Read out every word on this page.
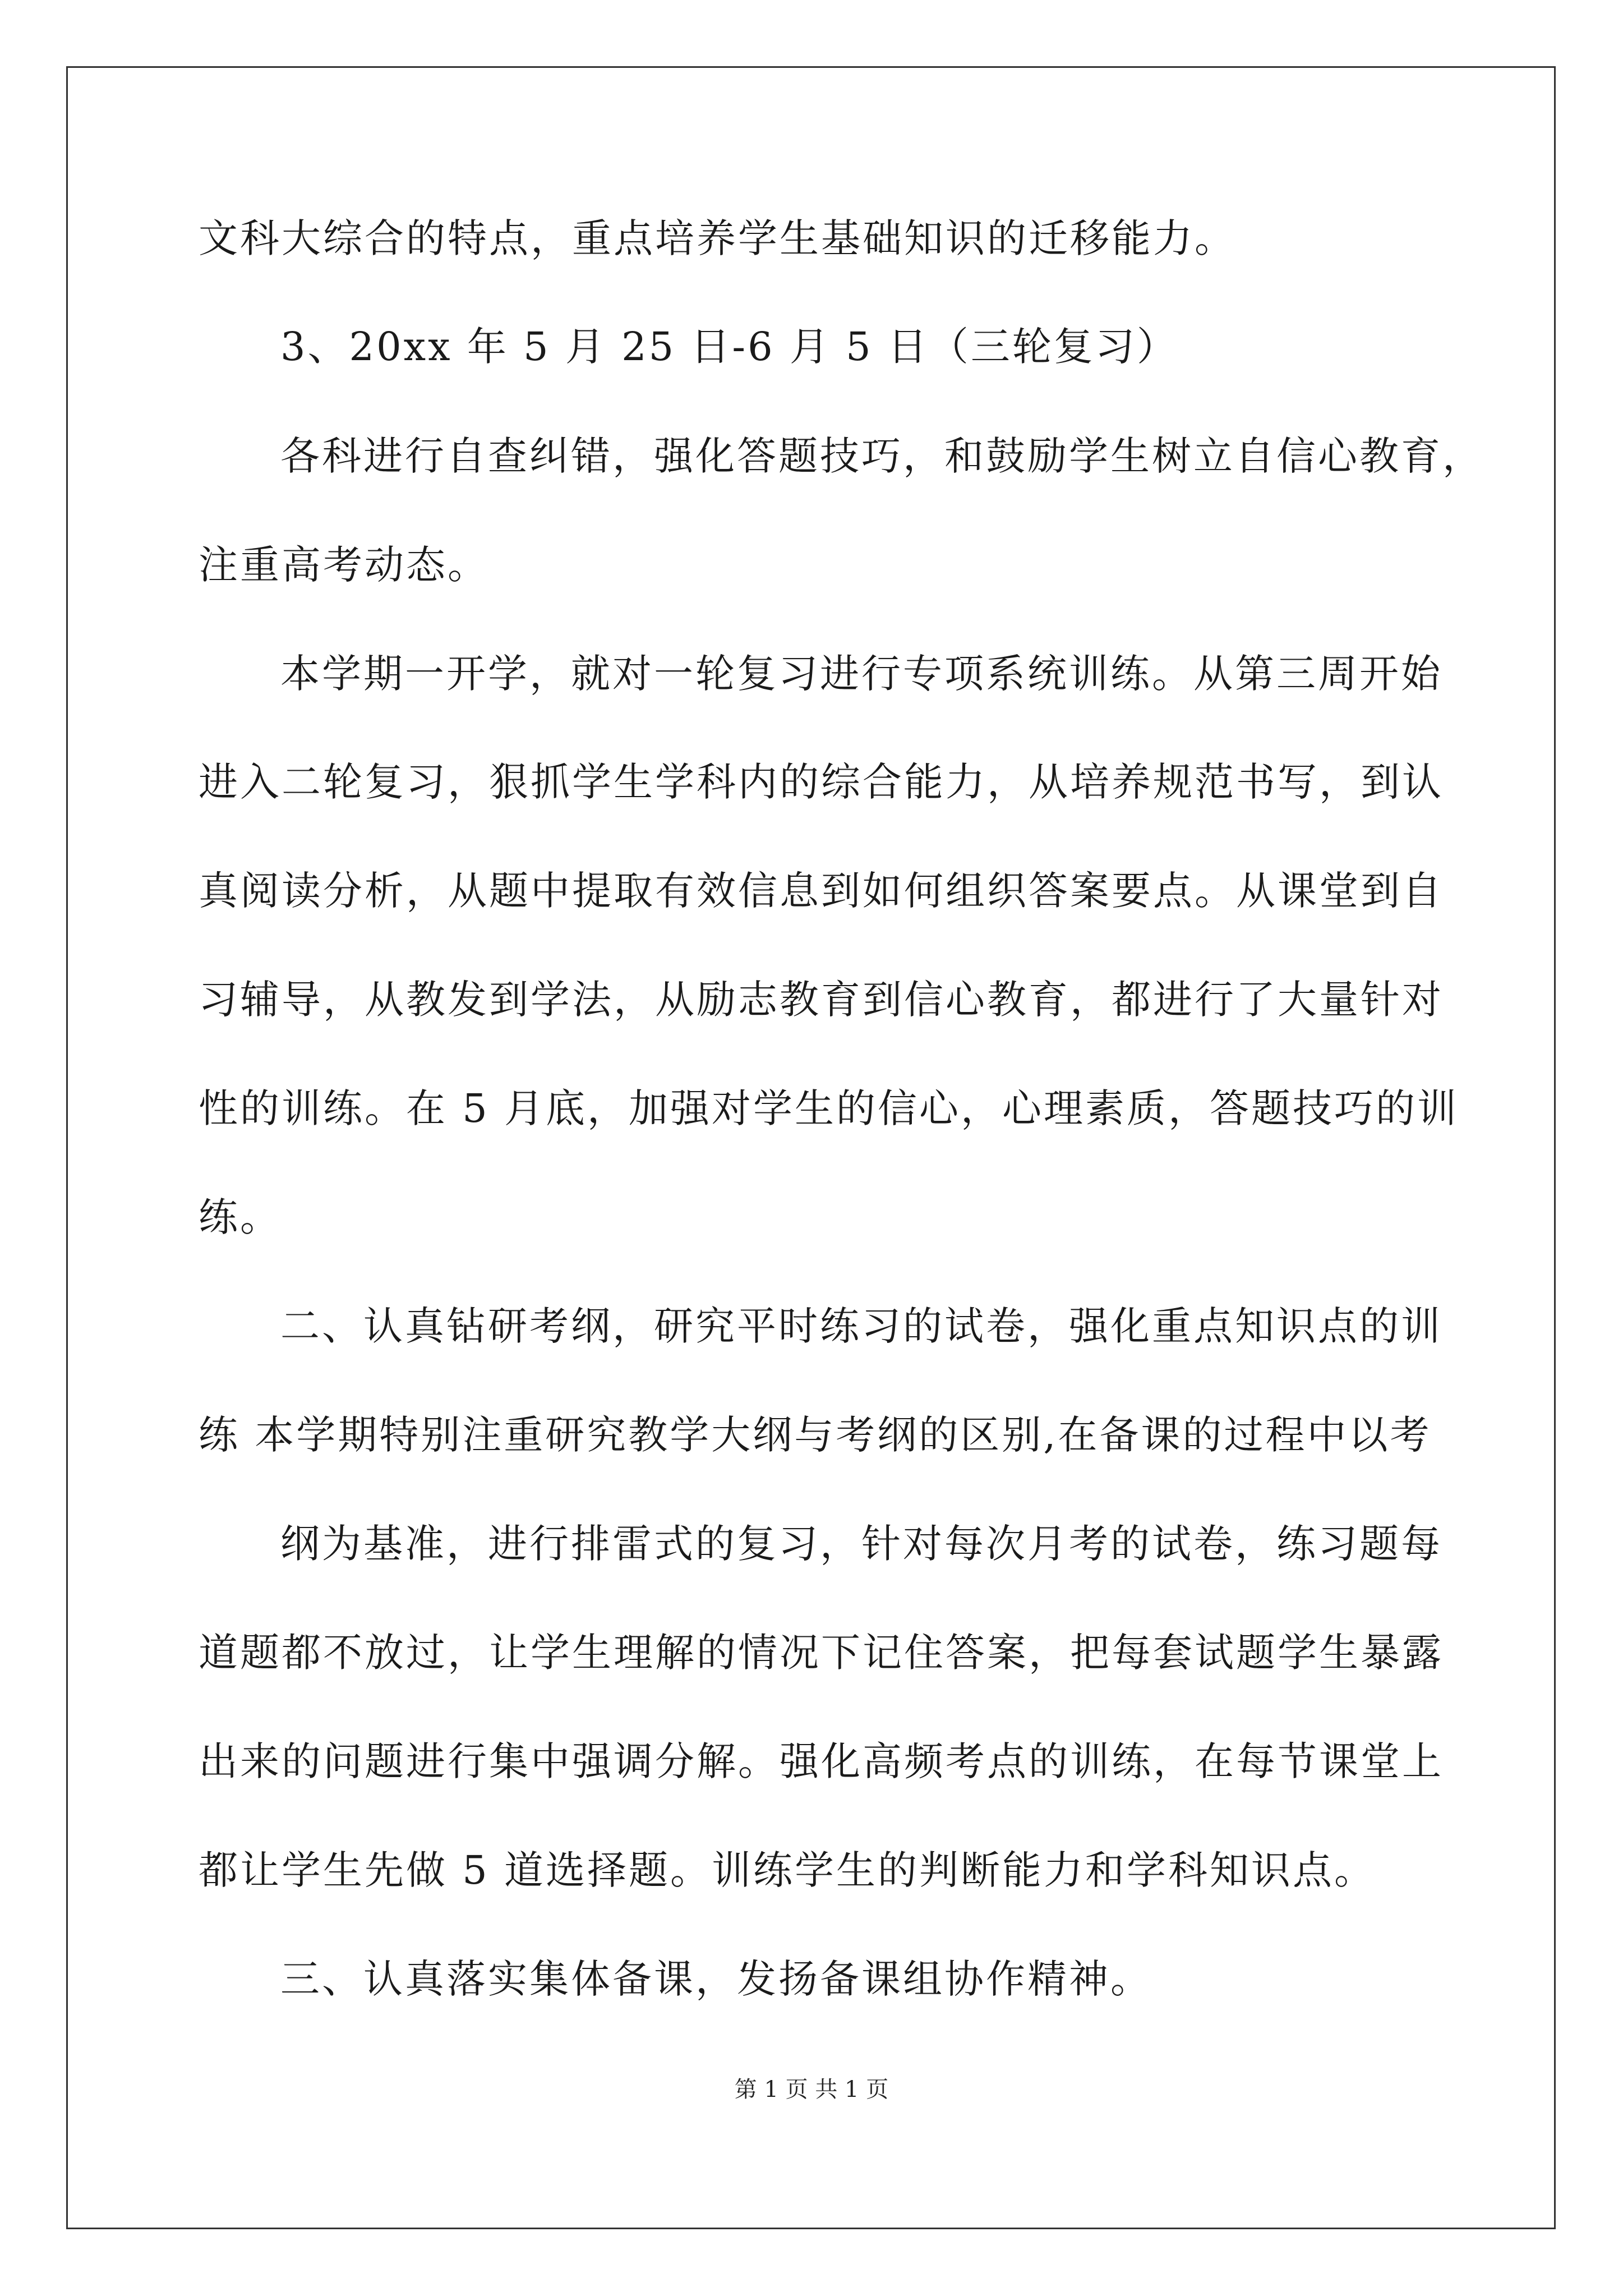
文科大综合的特点，重点培养学生基础知识的迁移能力。
3、20xx 年 5 月 25 日-6 月 5 日（三轮复习）
各科进行自查纠错，强化答题技巧，和鼓励学生树立自信心教育，
注重高考动态。
本学期一开学，就对一轮复习进行专项系统训练。从第三周开始
进入二轮复习，狠抓学生学科内的综合能力，从培养规范书写，到认
真阅读分析，从题中提取有效信息到如何组织答案要点。从课堂到自
习辅导，从教发到学法，从励志教育到信心教育，都进行了大量针对
性的训练。在 5 月底，加强对学生的信心，心理素质，答题技巧的训
练。
二、认真钻研考纲，研究平时练习的试卷，强化重点知识点的训
练 本学期特别注重研究教学大纲与考纲的区别,在备课的过程中以考
纲为基准，进行排雷式的复习，针对每次月考的试卷，练习题每
道题都不放过，让学生理解的情况下记住答案，把每套试题学生暴露
出来的问题进行集中强调分解。强化高频考点的训练，在每节课堂上
都让学生先做 5 道选择题。训练学生的判断能力和学科知识点。
三、认真落实集体备课，发扬备课组协作精神。
第 1 页 共 1 页
